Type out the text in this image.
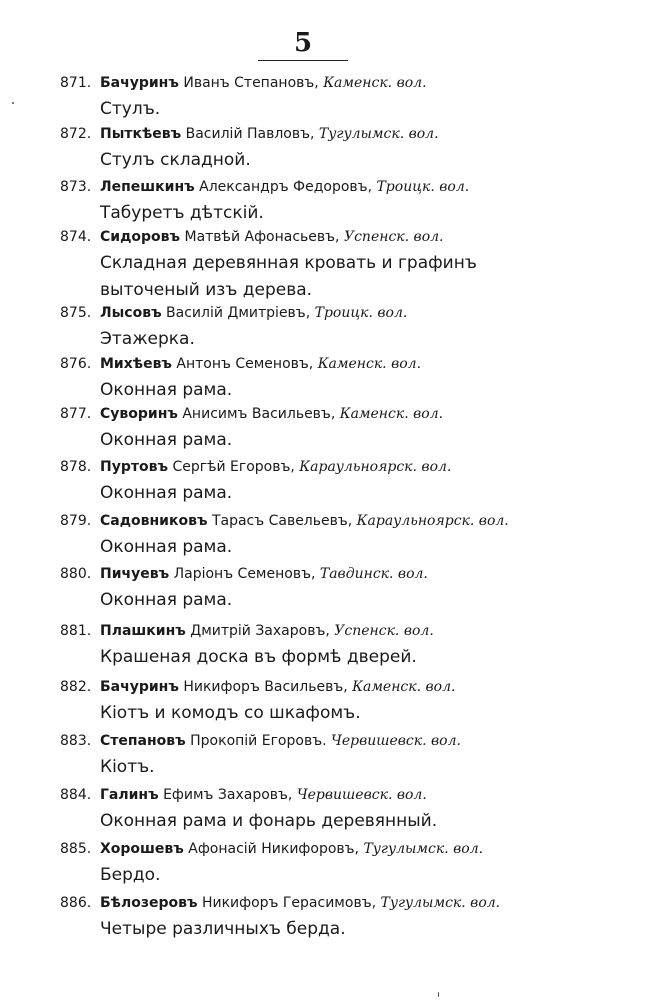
5
871. Бачуринъ Иванъ Степановъ, Каменск. вол.
Стулъ.
872. Пыткѣевъ Василій Павловъ, Тугулымск. вол.
Стулъ складной.
873. Лепешкинъ Александръ Федоровъ, Троицк. вол.
Табуретъ дѣтскій.
874. Сидоровъ Матвѣй Афонасьевъ, Успенск. вол.
Складная деревянная кровать и графинъ выточеный изъ дерева.
875. Лысовъ Василій Дмитріевъ, Троицк. вол.
Этажерка.
876. Михѣевъ Антонъ Семеновъ, Каменск. вол.
Оконная рама.
877. Суворинъ Анисимъ Васильевъ, Каменск. вол.
Оконная рама.
878. Пуртовъ Сергѣй Егоровъ, Караульноярск. вол.
Оконная рама.
879. Садовниковъ Тарасъ Савельевъ, Караульноярск. вол.
Оконная рама.
880. Пичуевъ Ларіонъ Семеновъ, Тавдинск. вол.
Оконная рама.
881. Плашкинъ Дмитрій Захаровъ, Успенск. вол.
Крашеная доска въ формѣ дверей.
882. Бачуринъ Никифоръ Васильевъ, Каменск. вол.
Кіотъ и комодъ со шкафомъ.
883. Степановъ Прокопій Егоровъ. Червишевск. вол.
Кіотъ.
884. Галинъ Ефимъ Захаровъ, Червишевск. вол.
Оконная рама и фонарь деревянный.
885. Хорошевъ Афонасій Никифоровъ, Тугулымск. вол.
Бердо.
886. Бѣлозеровъ Никифоръ Герасимовъ, Тугулымск. вол.
Четыре различныхъ берда.
